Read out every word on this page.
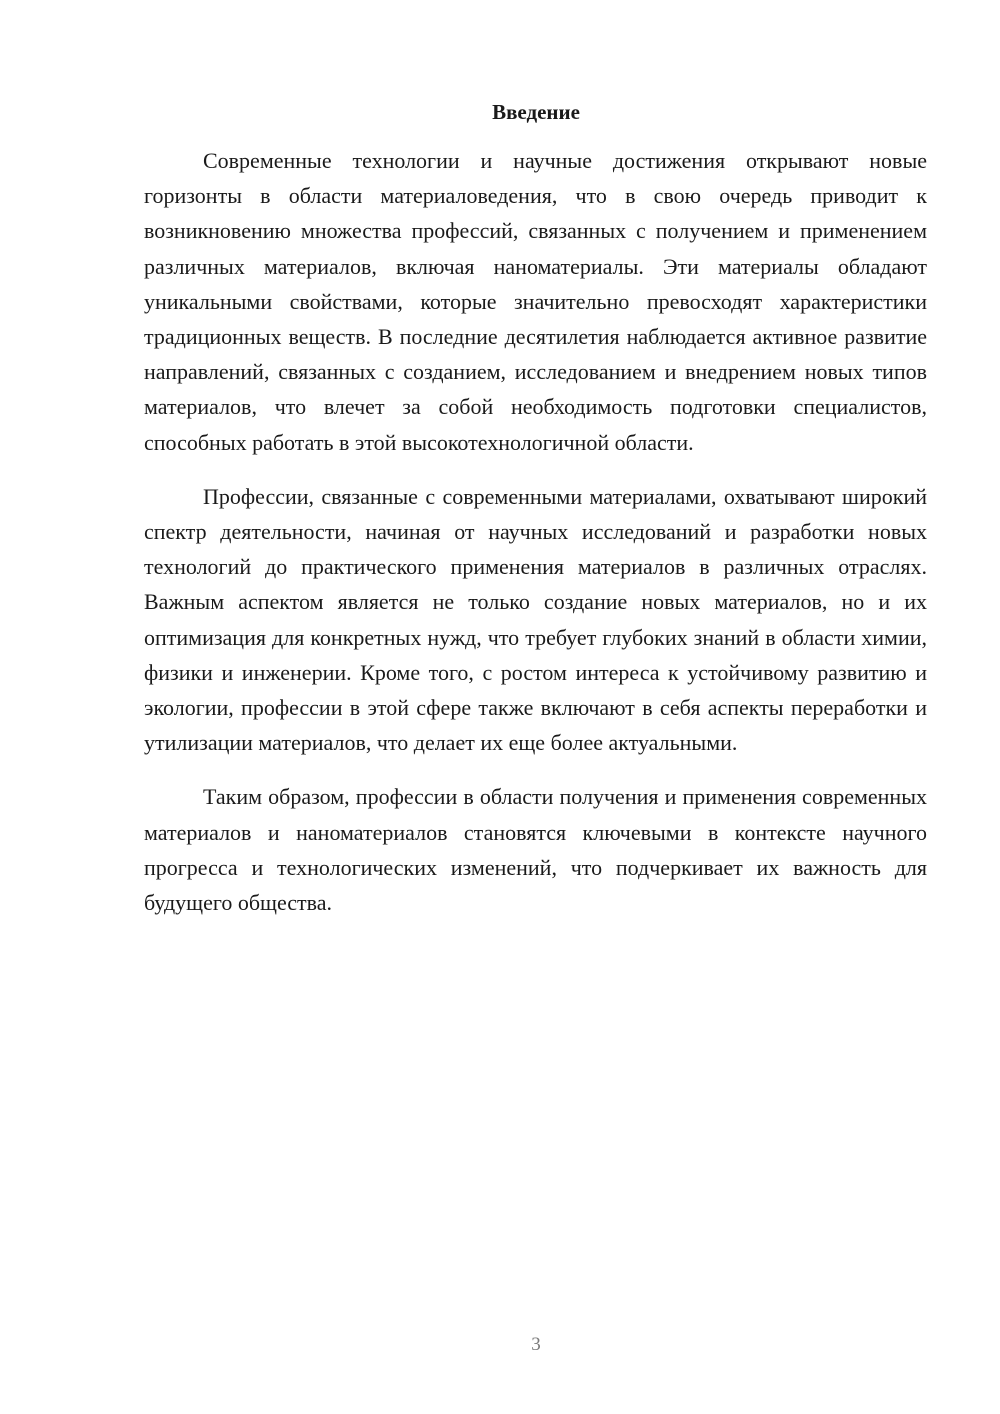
Введение

Современные технологии и научные достижения открывают новые горизонты в области материаловедения, что в свою очередь приводит к возникновению множества профессий, связанных с получением и применением различных материалов, включая наноматериалы. Эти материалы обладают уникальными свойствами, которые значительно превосходят характеристики традиционных веществ. В последние десятилетия наблюдается активное развитие направлений, связанных с созданием, исследованием и внедрением новых типов материалов, что влечет за собой необходимость подготовки специалистов, способных работать в этой высокотехнологичной области.

Профессии, связанные с современными материалами, охватывают широкий спектр деятельности, начиная от научных исследований и разработки новых технологий до практического применения материалов в различных отраслях. Важным аспектом является не только создание новых материалов, но и их оптимизация для конкретных нужд, что требует глубоких знаний в области химии, физики и инженерии. Кроме того, с ростом интереса к устойчивому развитию и экологии, профессии в этой сфере также включают в себя аспекты переработки и утилизации материалов, что делает их еще более актуальными.

Таким образом, профессии в области получения и применения современных материалов и наноматериалов становятся ключевыми в контексте научного прогресса и технологических изменений, что подчеркивает их важность для будущего общества.

3
